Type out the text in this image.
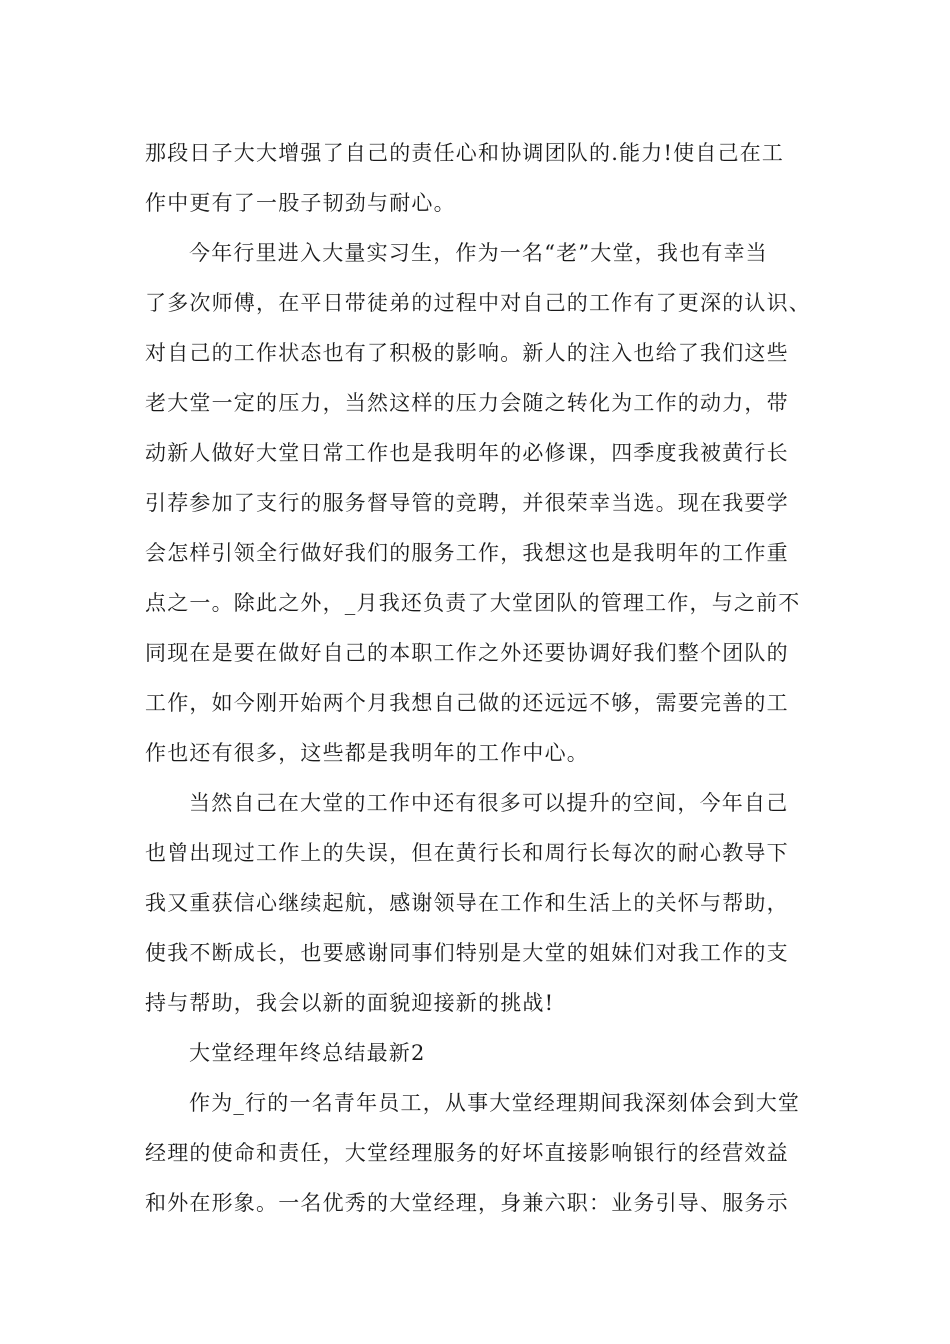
那段日子大大增强了自己的责任心和协调团队的.能力!使自己在工
作中更有了一股子韧劲与耐心。
今年行里进入大量实习生，作为一名“老”大堂，我也有幸当
了多次师傅，在平日带徒弟的过程中对自己的工作有了更深的认识、
对自己的工作状态也有了积极的影响。新人的注入也给了我们这些
老大堂一定的压力，当然这样的压力会随之转化为工作的动力，带
动新人做好大堂日常工作也是我明年的必修课，四季度我被黄行长
引荐参加了支行的服务督导管的竞聘，并很荣幸当选。现在我要学
会怎样引领全行做好我们的服务工作，我想这也是我明年的工作重
点之一。除此之外，_月我还负责了大堂团队的管理工作，与之前不
同现在是要在做好自己的本职工作之外还要协调好我们整个团队的
工作，如今刚开始两个月我想自己做的还远远不够，需要完善的工
作也还有很多，这些都是我明年的工作中心。
当然自己在大堂的工作中还有很多可以提升的空间，今年自己
也曾出现过工作上的失误，但在黄行长和周行长每次的耐心教导下
我又重获信心继续起航，感谢领导在工作和生活上的关怀与帮助，
使我不断成长，也要感谢同事们特别是大堂的姐妹们对我工作的支
持与帮助，我会以新的面貌迎接新的挑战!
大堂经理年终总结最新2
作为_行的一名青年员工，从事大堂经理期间我深刻体会到大堂
经理的使命和责任，大堂经理服务的好坏直接影响银行的经营效益
和外在形象。一名优秀的大堂经理，身兼六职：业务引导、服务示
